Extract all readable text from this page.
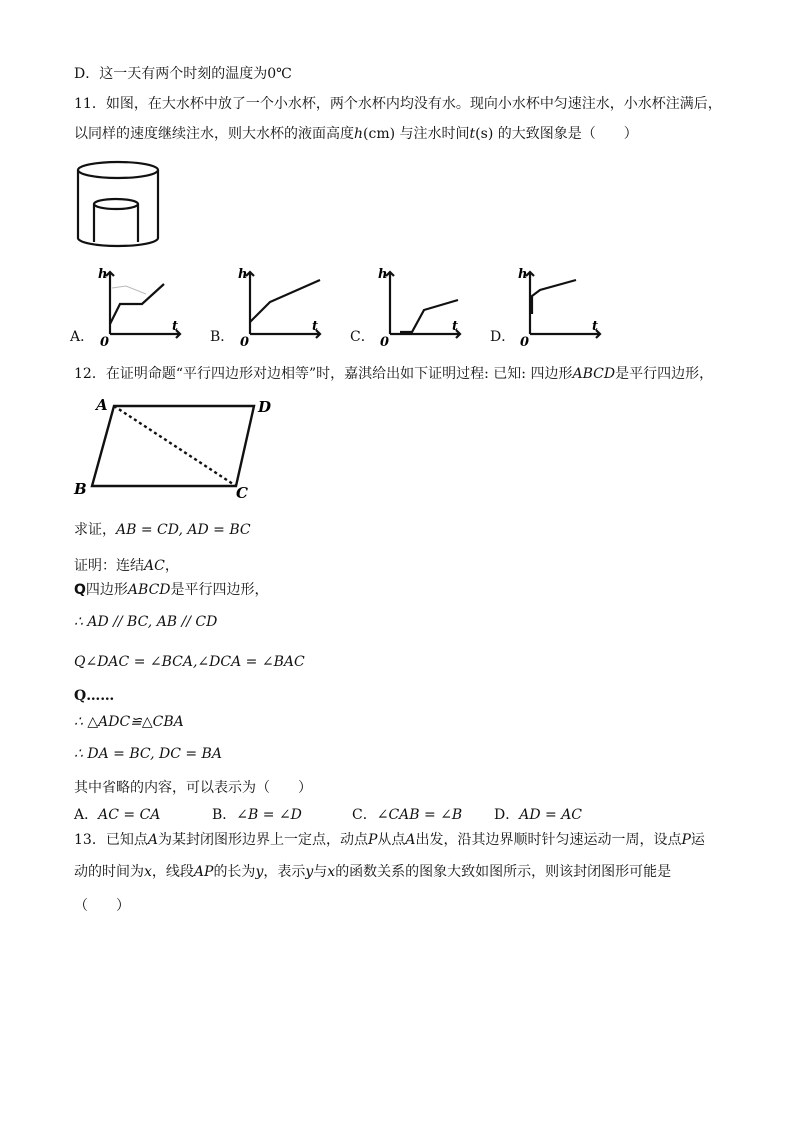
D．这一天有两个时刻的温度为0℃
11．如图，在大水杯中放了一个小水杯，两个水杯内均没有水。现向小水杯中匀速注水，小水杯注满后，
以同样的速度继续注水，则大水杯的液面高度h(cm) 与注水时间t(s) 的大致图象是（　　）
A．
h
t
0	B．
h
t
0	C．
h
t
0	D．
h
t
0
12．在证明命题“平行四边形对边相等”时，嘉淇给出如下证明过程: 已知: 四边形ABCD是平行四边形，
A	D
B	C
求证，AB = CD, AD = BC
证明：连结AC，
Q四边形ABCD是平行四边形，
∴ AD // BC, AB // CD
Q∠DAC = ∠BCA,∠DCA = ∠BAC
Q……
∴ △ADC≌△CBA
∴ DA = BC, DC = BA
其中省略的内容，可以表示为（　　）
A．AC = CA	B．∠B = ∠D	C．∠CAB = ∠B D．AD = AC
13．已知点A为某封闭图形边界上一定点，动点P从点A出发，沿其边界顺时针匀速运动一周，设点P运
动的时间为x，线段AP的长为y，表示y与x的函数关系的图象大致如图所示，则该封闭图形可能是
（　　）
